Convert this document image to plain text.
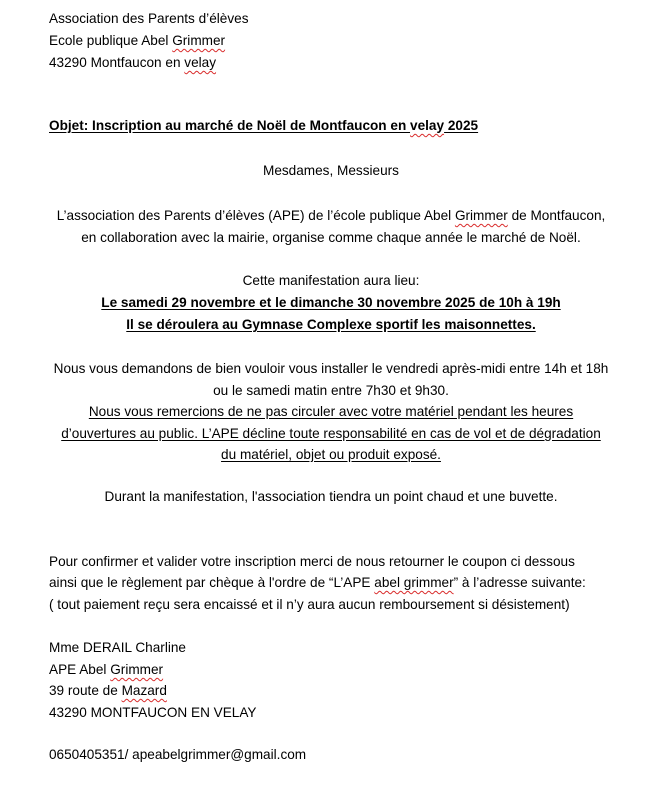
Association des Parents d’élèves
Ecole publique Abel Grimmer
43290 Montfaucon en velay
Objet: Inscription au marché de Noël de Montfaucon en velay 2025
Mesdames, Messieurs
L’association des Parents d’élèves (APE) de l’école publique Abel Grimmer de Montfaucon,
en collaboration avec la mairie, organise comme chaque année le marché de Noël.
Cette manifestation aura lieu:
Le samedi 29 novembre et le dimanche 30 novembre 2025 de 10h à 19h
Il se déroulera au Gymnase Complexe sportif les maisonnettes.
Nous vous demandons de bien vouloir vous installer le vendredi après-midi entre 14h et 18h
ou le samedi matin entre 7h30 et 9h30.
Nous vous remercions de ne pas circuler avec votre matériel pendant les heures
d’ouvertures au public. L’APE décline toute responsabilité en cas de vol et de dégradation
du matériel, objet ou produit exposé.
Durant la manifestation, l'association tiendra un point chaud et une buvette.
Pour confirmer et valider votre inscription merci de nous retourner le coupon ci dessous
ainsi que le règlement par chèque à l'ordre de “L’APE abel grimmer” à l’adresse suivante:
( tout paiement reçu sera encaissé et il n’y aura aucun remboursement si désistement)
Mme DERAIL Charline
APE Abel Grimmer
39 route de Mazard
43290 MONTFAUCON EN VELAY
0650405351/ apeabelgrimmer@gmail.com
